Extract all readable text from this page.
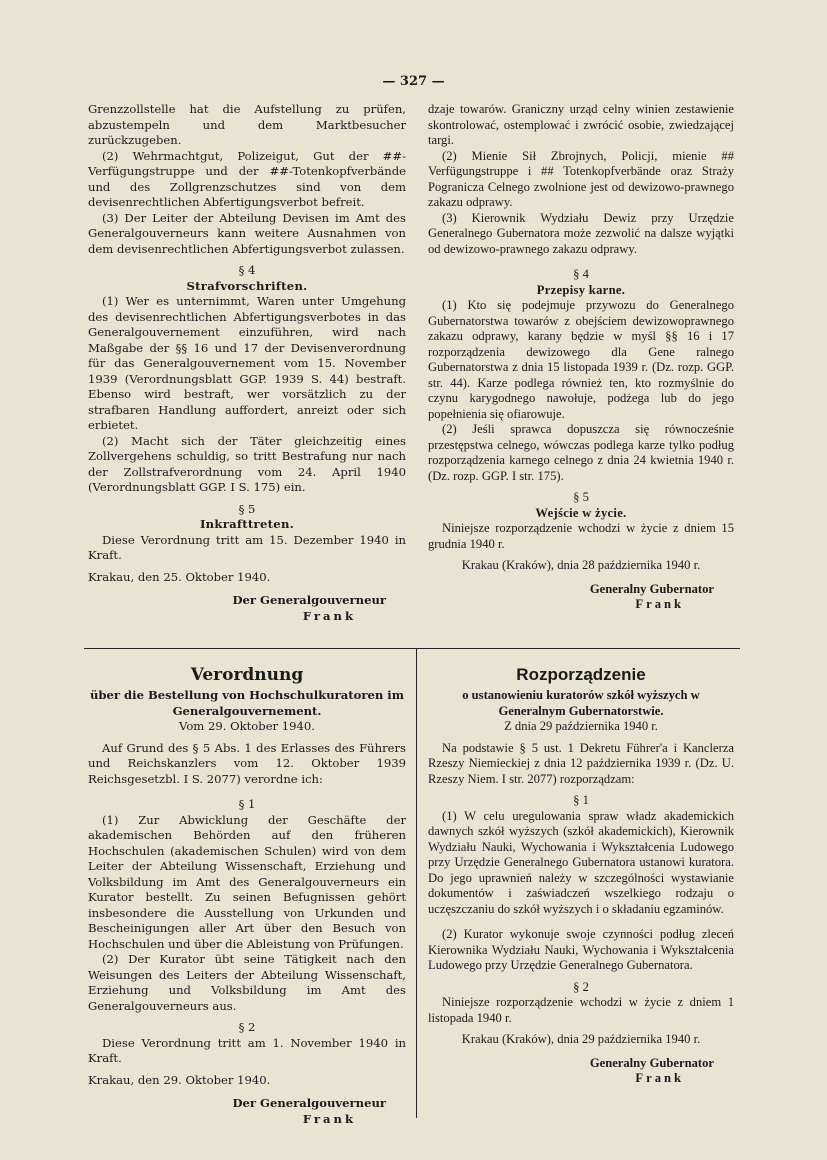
— 327 —

Grenzzollstelle hat die Aufstellung zu prüfen, abzustempeln und dem Marktbesucher zurückzugeben.

(2) Wehrmachtgut, Polizeigut, Gut der ##-Verfügungstruppe und der ##-Totenkopfverbände und des Zollgrenzschutzes sind von dem devisenrechtlichen Abfertigungsverbot befreit.

(3) Der Leiter der Abteilung Devisen im Amt des Generalgouverneurs kann weitere Ausnahmen von dem devisenrechtlichen Abfertigungsverbot zulassen.

§ 4

Strafvorschriften.

(1) Wer es unternimmt, Waren unter Umgehung des devisenrechtlichen Abfertigungsverbotes in das Generalgouvernement einzuführen, wird nach Maßgabe der §§ 16 und 17 der Devisenverordnung für das Generalgouvernement vom 15. November 1939 (Verordnungsblatt GGP. 1939 S. 44) bestraft. Ebenso wird bestraft, wer vorsätzlich zu der strafbaren Handlung auffordert, anreizt oder sich erbietet.

(2) Macht sich der Täter gleichzeitig eines Zollvergehens schuldig, so tritt Bestrafung nur nach der Zollstrafverordnung vom 24. April 1940 (Verordnungsblatt GGP. I S. 175) ein.

§ 5

Inkrafttreten.

Diese Verordnung tritt am 15. Dezember 1940 in Kraft.

Krakau, den 25. Oktober 1940.

Der Generalgouverneur

Frank

dzaje towarów. Graniczny urząd celny winien zestawienie skontrolować, ostemplować i zwrócić osobie, zwiedzającej targi.

(2) Mienie Sił Zbrojnych, Policji, mienie ## Verfügungstruppe i ## Totenkopfverbände oraz Straży Pogranicza Celnego zwolnione jest od dewizowo-prawnego zakazu odprawy.

(3) Kierownik Wydziału Dewiz przy Urzędzie Generalnego Gubernatora może zezwolić na dalsze wyjątki od dewizowo-prawnego zakazu odprawy.

§ 4

Przepisy karne.

(1) Kto się podejmuje przywozu do Generalnego Gubernatorstwa towarów z obejściem dewizowoprawnego zakazu odprawy, karany będzie w myśl §§ 16 i 17 rozporządzenia dewizowego dla Gene ralnego Gubernatorstwa z dnia 15 listopada 1939 r. (Dz. rozp. GGP. str. 44). Karze podlega również ten, kto rozmyślnie do czynu karygodnego nawołuje, podżega lub do jego popełnienia się ofiarowuje.

(2) Jeśli sprawca dopuszcza się równocześnie przestępstwa celnego, wówczas podlega karze tylko podług rozporządzenia karnego celnego z dnia 24 kwietnia 1940 r. (Dz. rozp. GGP. I str. 175).

§ 5

Wejście w życie.

Niniejsze rozporządzenie wchodzi w życie z dniem 15 grudnia 1940 r.

Krakau (Kraków), dnia 28 października 1940 r.

Generalny Gubernator

Frank

Verordnung

über die Bestellung von Hochschulkuratoren im Generalgouvernement.

Vom 29. Oktober 1940.

Auf Grund des § 5 Abs. 1 des Erlasses des Führers und Reichskanzlers vom 12. Oktober 1939 Reichsgesetzbl. I S. 2077) verordne ich:

§ 1

(1) Zur Abwicklung der Geschäfte der akademischen Behörden auf den früheren Hochschulen (akademischen Schulen) wird von dem Leiter der Abteilung Wissenschaft, Erziehung und Volksbildung im Amt des Generalgouverneurs ein Kurator bestellt. Zu seinen Befugnissen gehört insbesondere die Ausstellung von Urkunden und Bescheinigungen aller Art über den Besuch von Hochschulen und über die Ableistung von Prüfungen.

(2) Der Kurator übt seine Tätigkeit nach den Weisungen des Leiters der Abteilung Wissenschaft, Erziehung und Volksbildung im Amt des Generalgouverneurs aus.

§ 2

Diese Verordnung tritt am 1. November 1940 in Kraft.

Krakau, den 29. Oktober 1940.

Der Generalgouverneur

Frank

Rozporządzenie

o ustanowieniu kuratorów szkół wyższych w Generalnym Gubernatorstwie.

Z dnia 29 października 1940 r.

Na podstawie § 5 ust. 1 Dekretu Führer'a i Kanclerza Rzeszy Niemieckiej z dnia 12 października 1939 r. (Dz. U. Rzeszy Niem. I str. 2077) rozporządzam:

§ 1

(1) W celu uregulowania spraw władz akademickich dawnych szkół wyższych (szkół akademickich), Kierownik Wydziału Nauki, Wychowania i Wykształcenia Ludowego przy Urzędzie Generalnego Gubernatora ustanowi kuratora. Do jego uprawnień należy w szczególności wystawianie dokumentów i zaświadczeń wszelkiego rodzaju o uczęszczaniu do szkół wyższych i o składaniu egzaminów.

(2) Kurator wykonuje swoje czynności podług zleceń Kierownika Wydziału Nauki, Wychowania i Wykształcenia Ludowego przy Urzędzie Generalnego Gubernatora.

§ 2

Niniejsze rozporządzenie wchodzi w życie z dniem 1 listopada 1940 r.

Krakau (Kraków), dnia 29 października 1940 r.

Generalny Gubernator

Frank
